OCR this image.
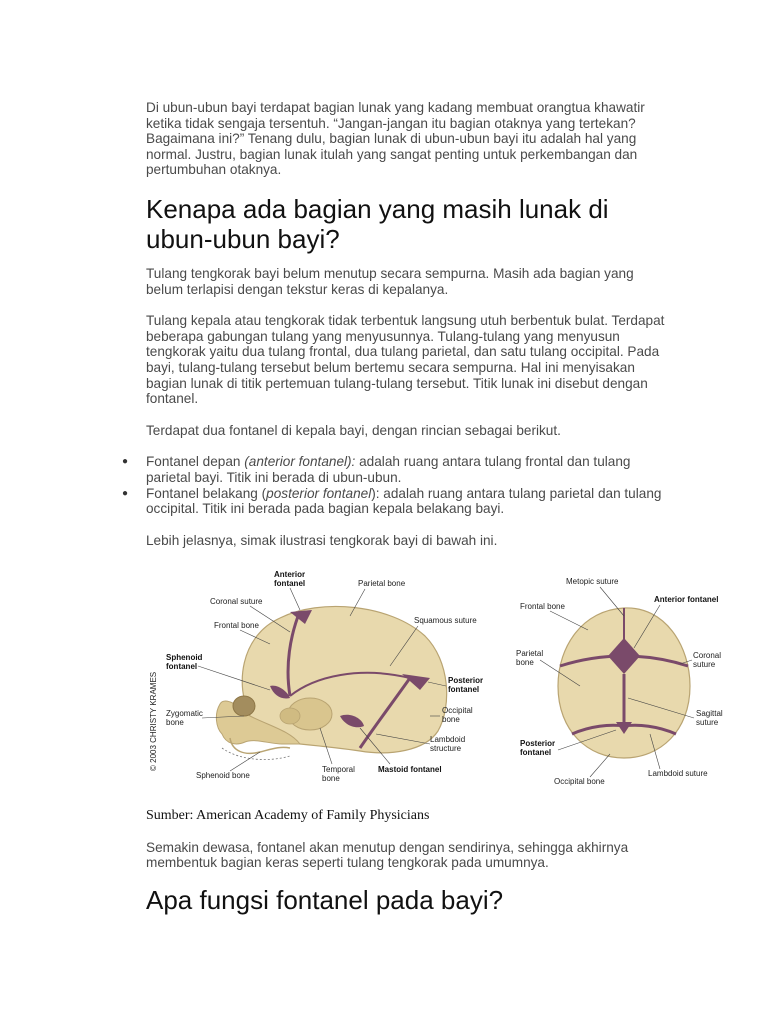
Di ubun-ubun bayi terdapat bagian lunak yang kadang membuat orangtua khawatir ketika tidak sengaja tersentuh. “Jangan-jangan itu bagian otaknya yang tertekan? Bagaimana ini?” Tenang dulu, bagian lunak di ubun-ubun bayi itu adalah hal yang normal. Justru, bagian lunak itulah yang sangat penting untuk perkembangan dan pertumbuhan otaknya.

Kenapa ada bagian yang masih lunak di ubun-ubun bayi?

Tulang tengkorak bayi belum menutup secara sempurna. Masih ada bagian yang belum terlapisi dengan tekstur keras di kepalanya.

Tulang kepala atau tengkorak tidak terbentuk langsung utuh berbentuk bulat. Terdapat beberapa gabungan tulang yang menyusunnya. Tulang-tulang yang menyusun tengkorak yaitu dua tulang frontal, dua tulang parietal, dan satu tulang occipital. Pada bayi, tulang-tulang tersebut belum bertemu secara sempurna. Hal ini menyisakan bagian lunak di titik pertemuan tulang-tulang tersebut. Titik lunak ini disebut dengan fontanel.

Terdapat dua fontanel di kepala bayi, dengan rincian sebagai berikut.

● Fontanel depan (anterior fontanel): adalah ruang antara tulang frontal dan tulang parietal bayi. Titik ini berada di ubun-ubun.
● Fontanel belakang (posterior fontanel): adalah ruang antara tulang parietal dan tulang occipital. Titik ini berada pada bagian kepala belakang bayi.

Lebih jelasnya, simak ilustrasi tengkorak bayi di bawah ini.

© 2003 CHRISTY KRAMES
Anterior
fontanel	Parietal bone
Coronal suture
Squamous suture
Frontal bone
Sphenoid
fontanel
Posterior
fontanel
Occipital
bone
Zygomatic
bone
Lambdoid
structure
Sphenoid bone
Temporal
bone
Mastoid fontanel
Metopic suture
Anterior fontanel
Frontal bone
Parietal
bone
Coronal
suture
Sagittal
suture
Posterior
fontanel
Occipital bone
Lambdoid suture

Sumber: American Academy of Family Physicians

Semakin dewasa, fontanel akan menutup dengan sendirinya, sehingga akhirnya membentuk bagian keras seperti tulang tengkorak pada umumnya.

Apa fungsi fontanel pada bayi?
